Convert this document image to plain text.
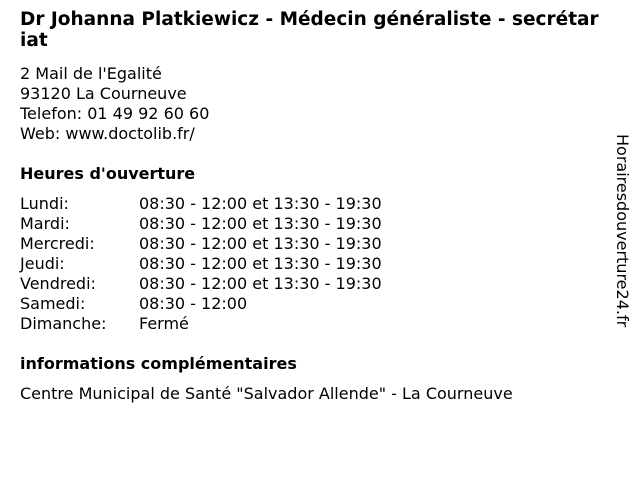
Dr Johanna Platkiewicz - Médecin généraliste - secrétariat
2 Mail de l'Egalité
93120 La Courneuve
Telefon: 01 49 92 60 60
Web: www.doctolib.fr/
Heures d'ouverture
Lundi:	08:30 - 12:00 et 13:30 - 19:30
Mardi:	08:30 - 12:00 et 13:30 - 19:30
Mercredi:	08:30 - 12:00 et 13:30 - 19:30
Jeudi:	08:30 - 12:00 et 13:30 - 19:30
Vendredi:	08:30 - 12:00 et 13:30 - 19:30
Samedi:	08:30 - 12:00
Dimanche:	Fermé
informations complémentaires
Centre Municipal de Santé "Salvador Allende" - La Courneuve
Horairesdouverture24.fr
